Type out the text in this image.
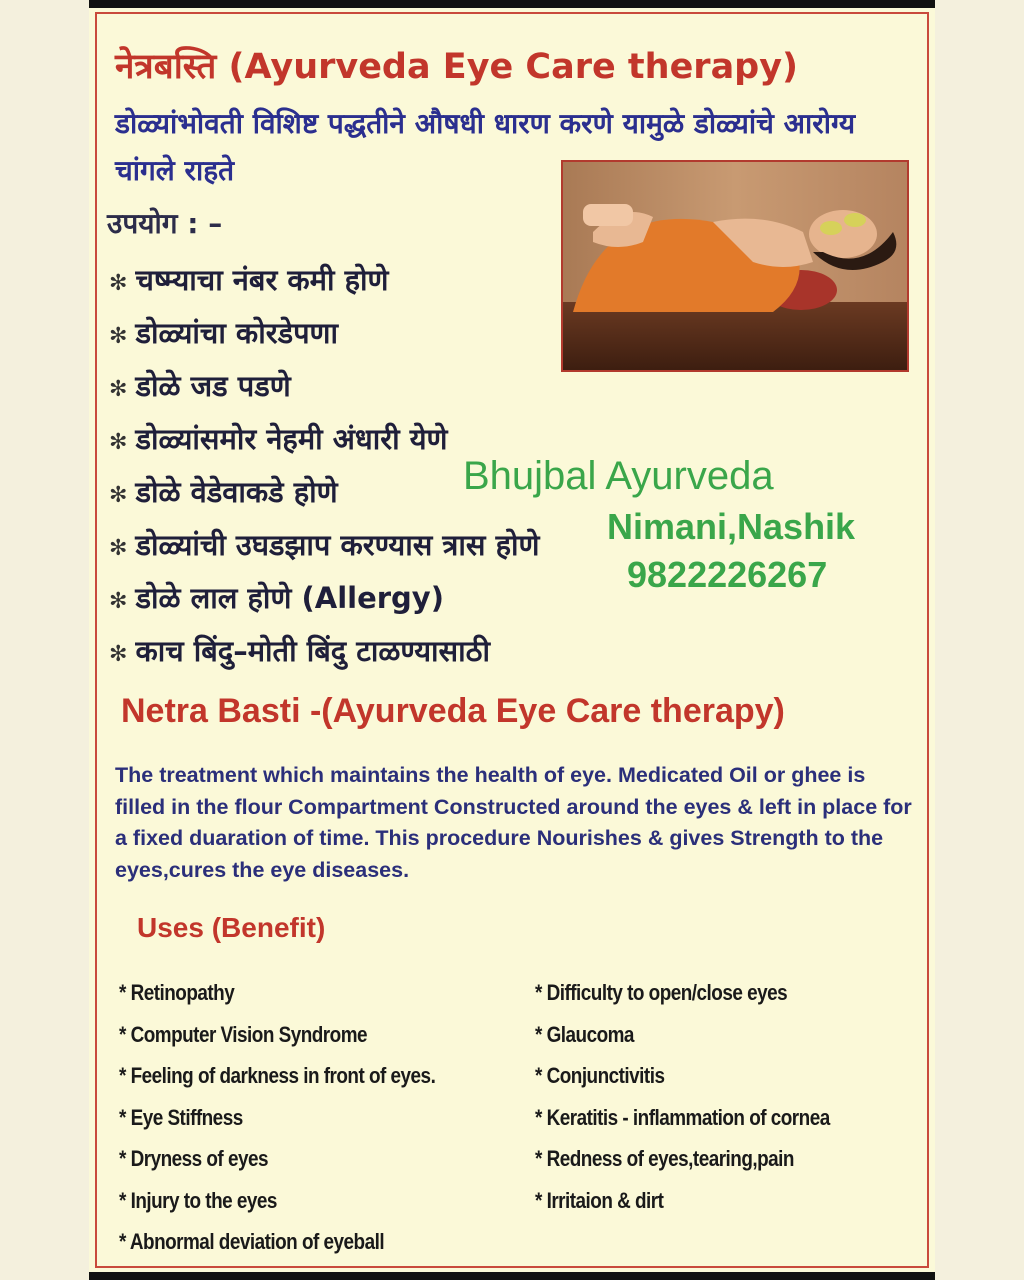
नेत्रबस्ति (Ayurveda Eye Care therapy)
डोळ्यांभोवती विशिष्ट पद्धतीने औषधी धारण करणे यामुळे डोळ्यांचे आरोग्य चांगले राहते
उपयोग : –
✻ चष्म्याचा नंबर कमी होणे
✻ डोळ्यांचा कोरडेपणा
✻ डोळे जड पडणे
✻ डोळ्यांसमोर नेहमी अंधारी येणे
✻ डोळे वेडेवाकडे होणे
✻ डोळ्यांची उघडझाप करण्यास त्रास होणे
✻ डोळे लाल होणे (Allergy)
✻ काच बिंदु–मोती बिंदु टाळण्यासाठी
Bhujbal Ayurveda
Nimani,Nashik
9822226267
Netra Basti -(Ayurveda Eye Care therapy)
The treatment which maintains the health of eye. Medicated Oil or ghee is filled in the flour Compartment Constructed around the eyes & left in place for a fixed duaration of time. This procedure Nourishes & gives Strength to the eyes,cures the eye diseases.
Uses (Benefit)
* Retinopathy
* Computer Vision Syndrome
* Feeling of darkness in front of eyes.
* Eye Stiffness
* Dryness of eyes
* Injury to the eyes
* Abnormal deviation of eyeball
* Difficulty to open/close eyes
* Glaucoma
* Conjunctivitis
* Keratitis - inflammation of cornea
* Redness of eyes,tearing,pain
* Irritaion & dirt
